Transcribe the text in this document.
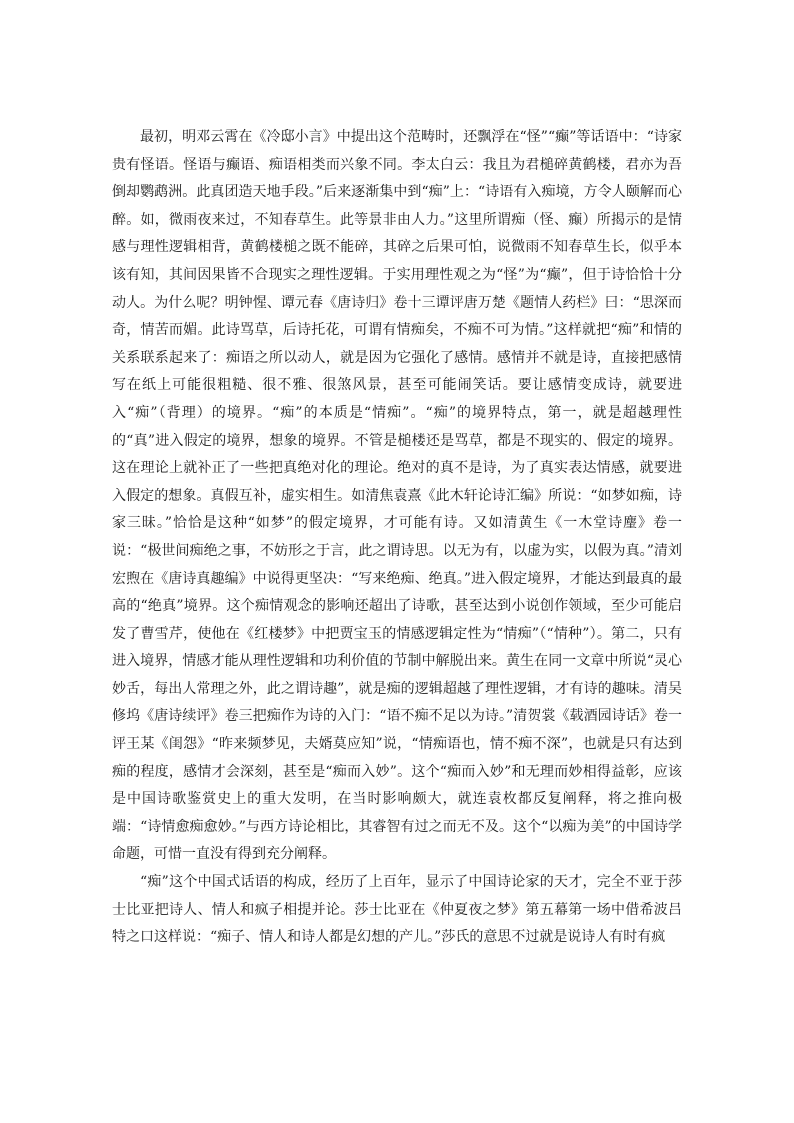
最初，明邓云霄在《冷邸小言》中提出这个范畴时，还飘浮在“怪”“癫”等话语中：“诗家贵有怪语。怪语与癫语、痴语相类而兴象不同。李太白云：我且为君槌碎黄鹤楼，君亦为吾倒却鹦鹉洲。此真团造天地手段。”后来逐渐集中到“痴”上：“诗语有入痴境，方令人颐解而心醉。如，微雨夜来过，不知春草生。此等景非由人力。”这里所谓痴（怪、癫）所揭示的是情感与理性逻辑相背，黄鹤楼槌之既不能碎，其碎之后果可怕，说微雨不知春草生长，似乎本该有知，其间因果皆不合现实之理性逻辑。于实用理性观之为“怪”为“癫”，但于诗恰恰十分动人。为什么呢？明钟惺、谭元春《唐诗归》卷十三谭评唐万楚《题情人药栏》曰：“思深而奇，情苦而媚。此诗骂草，后诗托花，可谓有情痴矣，不痴不可为情。”这样就把“痴”和情的关系联系起来了：痴语之所以动人，就是因为它强化了感情。感情并不就是诗，直接把感情写在纸上可能很粗糙、很不雅、很煞风景，甚至可能闹笑话。要让感情变成诗，就要进入“痴”（背理）的境界。“痴”的本质是“情痴”。“痴”的境界特点，第一，就是超越理性的“真”进入假定的境界，想象的境界。不管是槌楼还是骂草，都是不现实的、假定的境界。这在理论上就补正了一些把真绝对化的理论。绝对的真不是诗，为了真实表达情感，就要进入假定的想象。真假互补，虚实相生。如清焦袁熹《此木轩论诗汇编》所说：“如梦如痴，诗家三昧。”恰恰是这种“如梦”的假定境界，才可能有诗。又如清黄生《一木堂诗麈》卷一说：“极世间痴绝之事，不妨形之于言，此之谓诗思。以无为有，以虚为实，以假为真。”清刘宏煦在《唐诗真趣编》中说得更坚决：“写来绝痴、绝真。”进入假定境界，才能达到最真的最高的“绝真”境界。这个痴情观念的影响还超出了诗歌，甚至达到小说创作领域，至少可能启发了曹雪芹，使他在《红楼梦》中把贾宝玉的情感逻辑定性为“情痴”（“情种”）。第二，只有进入境界，情感才能从理性逻辑和功利价值的节制中解脱出来。黄生在同一文章中所说“灵心妙舌，每出人常理之外，此之谓诗趣”，就是痴的逻辑超越了理性逻辑，才有诗的趣味。清吴修坞《唐诗续评》卷三把痴作为诗的入门：“语不痴不足以为诗。”清贺裳《载酒园诗话》卷一评王某《闺怨》“昨来频梦见，夫婿莫应知”说，“情痴语也，情不痴不深”，也就是只有达到痴的程度，感情才会深刻，甚至是“痴而入妙”。这个“痴而入妙”和无理而妙相得益彰，应该是中国诗歌鉴赏史上的重大发明，在当时影响颇大，就连袁枚都反复阐释，将之推向极端：“诗情愈痴愈妙。”与西方诗论相比，其睿智有过之而无不及。这个“以痴为美”的中国诗学命题，可惜一直没有得到充分阐释。

“痴”这个中国式话语的构成，经历了上百年，显示了中国诗论家的天才，完全不亚于莎士比亚把诗人、情人和疯子相提并论。莎士比亚在《仲夏夜之梦》第五幕第一场中借希波吕特之口这样说：“痴子、情人和诗人都是幻想的产儿。”莎氏的意思不过就是说诗人有时有疯
